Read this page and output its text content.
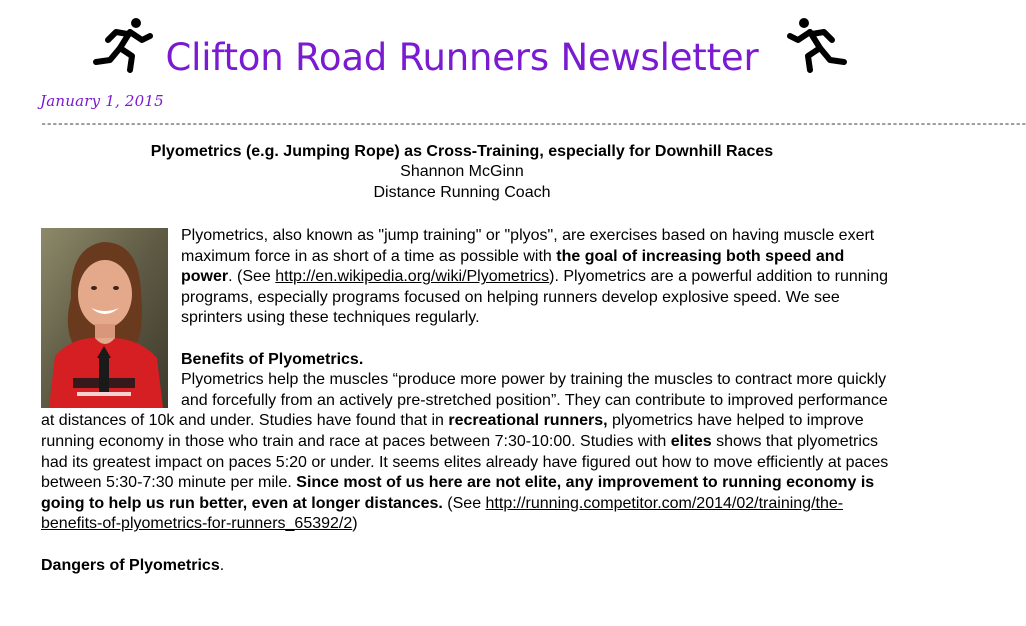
Clifton Road Runners Newsletter
January 1, 2015
--------------------------------------------------------------------------------------------------------------------------------------------------------------------------------
Plyometrics (e.g. Jumping Rope) as Cross-Training, especially for Downhill Races
Shannon McGinn
Distance Running Coach

Plyometrics, also known as "jump training" or "plyos", are exercises based on having muscle exert maximum force in as short of a time as possible with the goal of increasing both speed and power. (See http://en.wikipedia.org/wiki/Plyometrics). Plyometrics are a powerful addition to running programs, especially programs focused on helping runners develop explosive speed. We see sprinters using these techniques regularly.

Benefits of Plyometrics.
Plyometrics help the muscles “produce more power by training the muscles to contract more quickly and forcefully from an actively pre-stretched position”. They can contribute to improved performance at distances of 10k and under. Studies have found that in recreational runners, plyometrics have helped to improve running economy in those who train and race at paces between 7:30-10:00. Studies with elites shows that plyometrics had its greatest impact on paces 5:20 or under. It seems elites already have figured out how to move efficiently at paces between 5:30-7:30 minute per mile. Since most of us here are not elite, any improvement to running economy is going to help us run better, even at longer distances. (See http://running.competitor.com/2014/02/training/the-benefits-of-plyometrics-for-runners_65392/2)

Dangers of Plyometrics.
